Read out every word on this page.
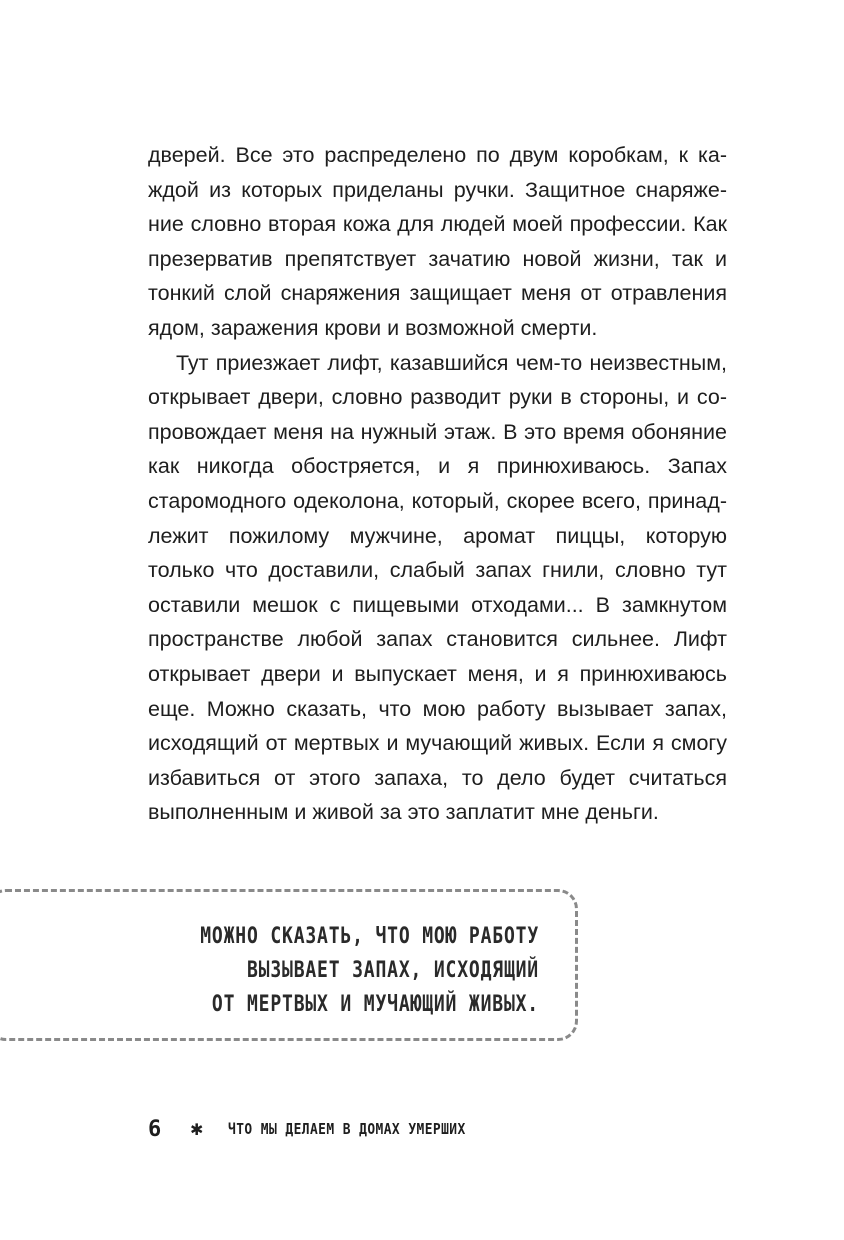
дверей. Все это распределено по двум коробкам, к каждой из которых приделаны ручки. Защитное снаряжение словно вторая кожа для людей моей профессии. Как презерватив препятствует зачатию новой жизни, так и тонкий слой снаряжения защищает меня от отравления ядом, заражения крови и возможной смерти.

Тут приезжает лифт, казавшийся чем-то неизвестным, открывает двери, словно разводит руки в стороны, и сопровождает меня на нужный этаж. В это время обоняние как никогда обостряется, и я принюхиваюсь. Запах старомодного одеколона, который, скорее всего, принадлежит пожилому мужчине, аромат пиццы, которую только что доставили, слабый запах гнили, словно тут оставили мешок с пищевыми отходами... В замкнутом пространстве любой запах становится сильнее. Лифт открывает двери и выпускает меня, и я принюхиваюсь еще. Можно сказать, что мою работу вызывает запах, исходящий от мертвых и мучающий живых. Если я смогу избавиться от этого запаха, то дело будет считаться выполненным и живой за это заплатит мне деньги.

МОЖНО СКАЗАТЬ, ЧТО МОЮ РАБОТУ
ВЫЗЫВАЕТ ЗАПАХ, ИСХОДЯЩИЙ
ОТ МЕРТВЫХ И МУЧАЮЩИЙ ЖИВЫХ.
6	✱	ЧТО МЫ ДЕЛАЕМ В ДОМАХ УМЕРШИХ
